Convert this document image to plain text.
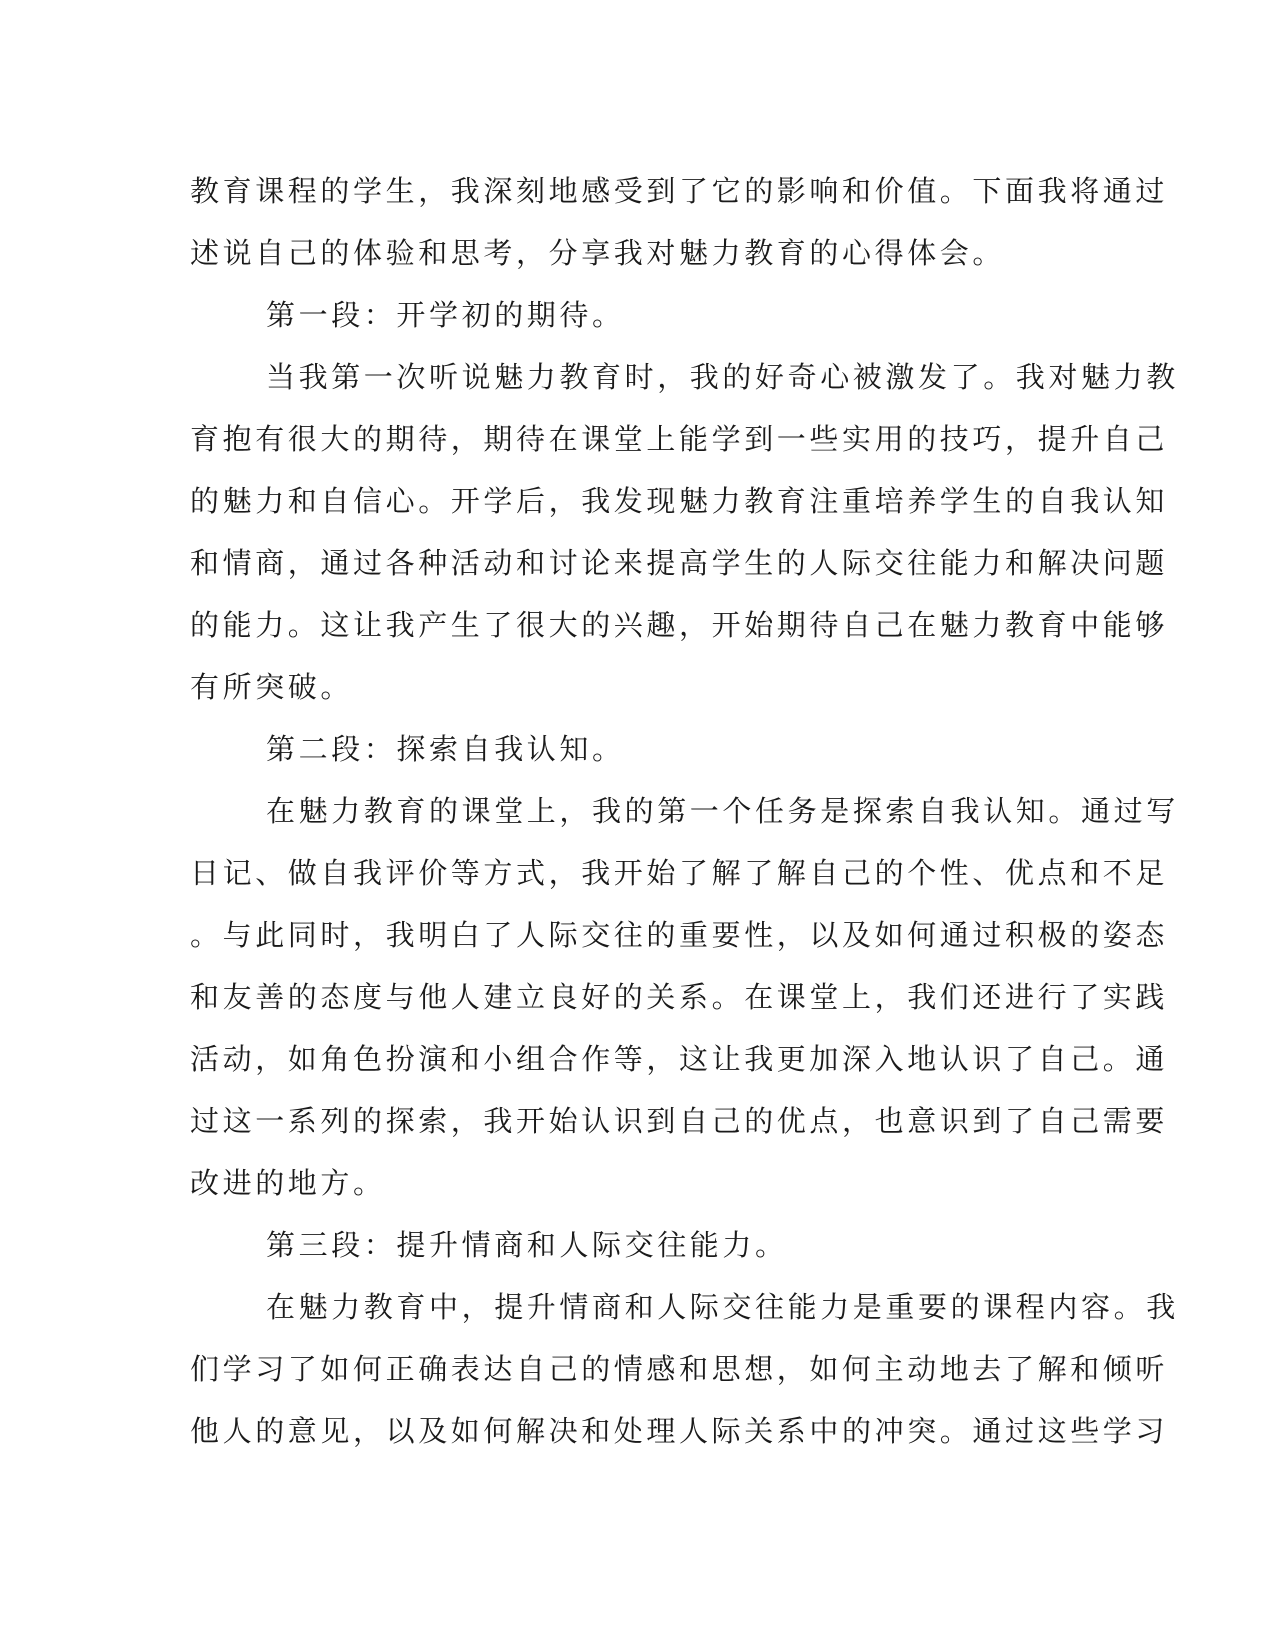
教育课程的学生，我深刻地感受到了它的影响和价值。下面我将通过
述说自己的体验和思考，分享我对魅力教育的心得体会。
第一段：开学初的期待。
当我第一次听说魅力教育时，我的好奇心被激发了。我对魅力教
育抱有很大的期待，期待在课堂上能学到一些实用的技巧，提升自己
的魅力和自信心。开学后，我发现魅力教育注重培养学生的自我认知
和情商，通过各种活动和讨论来提高学生的人际交往能力和解决问题
的能力。这让我产生了很大的兴趣，开始期待自己在魅力教育中能够
有所突破。
第二段：探索自我认知。
在魅力教育的课堂上，我的第一个任务是探索自我认知。通过写
日记、做自我评价等方式，我开始了解了解自己的个性、优点和不足
。与此同时，我明白了人际交往的重要性，以及如何通过积极的姿态
和友善的态度与他人建立良好的关系。在课堂上，我们还进行了实践
活动，如角色扮演和小组合作等，这让我更加深入地认识了自己。通
过这一系列的探索，我开始认识到自己的优点，也意识到了自己需要
改进的地方。
第三段：提升情商和人际交往能力。
在魅力教育中，提升情商和人际交往能力是重要的课程内容。我
们学习了如何正确表达自己的情感和思想，如何主动地去了解和倾听
他人的意见，以及如何解决和处理人际关系中的冲突。通过这些学习
